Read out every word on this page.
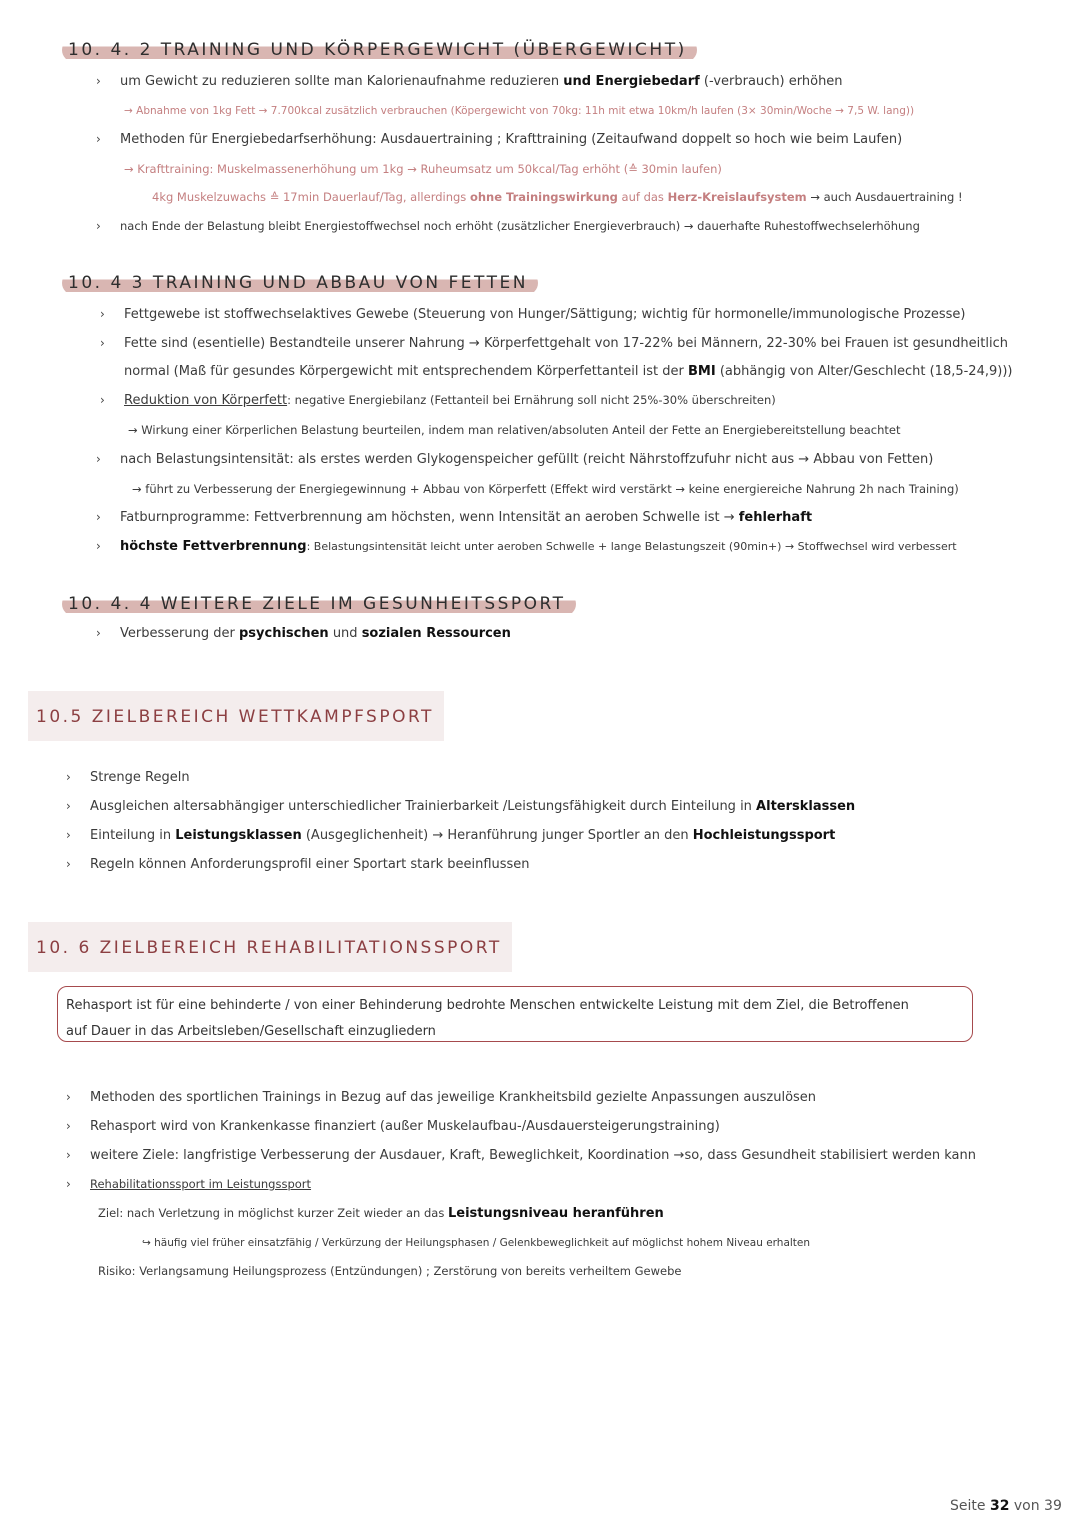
10. 4. 2 TRAINING UND KÖRPERGEWICHT (ÜBERGEWICHT)
› um Gewicht zu reduzieren sollte man Kalorienaufnahme reduzieren und Energiebedarf (-verbrauch) erhöhen
→ Abnahme von 1kg Fett → 7.700kcal zusätzlich verbrauchen (Köpergewicht von 70kg: 11h mit etwa 10km/h laufen (3× 30min/Woche → 7,5 W. lang))
› Methoden für Energiebedarfserhöhung: Ausdauertraining ; Krafttraining (Zeitaufwand doppelt so hoch wie beim Laufen)
→ Krafttraining: Muskelmassenerhöhung um 1kg → Ruheumsatz um 50kcal/Tag erhöht (≙ 30min laufen)
4kg Muskelzuwachs ≙ 17min Dauerlauf/Tag, allerdings ohne Trainingswirkung auf das Herz-Kreislaufsystem → auch Ausdauertraining !
› nach Ende der Belastung bleibt Energiestoffwechsel noch erhöht (zusätzlicher Energieverbrauch) → dauerhafte Ruhestoffwechselerhöhung
10. 4 3 TRAINING UND ABBAU VON FETTEN
› Fettgewebe ist stoffwechselaktives Gewebe (Steuerung von Hunger/Sättigung; wichtig für hormonelle/immunologische Prozesse)
› Fette sind (esentielle) Bestandteile unserer Nahrung → Körperfettgehalt von 17-22% bei Männern, 22-30% bei Frauen ist gesundheitlich
normal (Maß für gesundes Körpergewicht mit entsprechendem Körperfettanteil ist der BMI (abhängig von Alter/Geschlecht (18,5-24,9)))
› Reduktion von Körperfett: negative Energiebilanz (Fettanteil bei Ernährung soll nicht 25%-30% überschreiten)
→ Wirkung einer Körperlichen Belastung beurteilen, indem man relativen/absoluten Anteil der Fette an Energiebereitstellung beachtet
› nach Belastungsintensität: als erstes werden Glykogenspeicher gefüllt (reicht Nährstoffzufuhr nicht aus → Abbau von Fetten)
→ führt zu Verbesserung der Energiegewinnung + Abbau von Körperfett (Effekt wird verstärkt → keine energiereiche Nahrung 2h nach Training)
› Fatburnprogramme: Fettverbrennung am höchsten, wenn Intensität an aeroben Schwelle ist → fehlerhaft
› höchste Fettverbrennung: Belastungsintensität leicht unter aeroben Schwelle + lange Belastungszeit (90min+) → Stoffwechsel wird verbessert
10. 4. 4 WEITERE ZIELE IM GESUNHEITSSPORT
› Verbesserung der psychischen und sozialen Ressourcen
10.5 ZIELBEREICH WETTKAMPFSPORT
› Strenge Regeln
› Ausgleichen altersabhängiger unterschiedlicher Trainierbarkeit /Leistungsfähigkeit durch Einteilung in Altersklassen
› Einteilung in Leistungsklassen (Ausgeglichenheit) → Heranführung junger Sportler an den Hochleistungssport
› Regeln können Anforderungsprofil einer Sportart stark beeinflussen
10. 6 ZIELBEREICH REHABILITATIONSSPORT
Rehasport ist für eine behinderte / von einer Behinderung bedrohte Menschen entwickelte Leistung mit dem Ziel, die Betroffenen
auf Dauer in das Arbeitsleben/Gesellschaft einzugliedern
› Methoden des sportlichen Trainings in Bezug auf das jeweilige Krankheitsbild gezielte Anpassungen auszulösen
› Rehasport wird von Krankenkasse finanziert (außer Muskelaufbau-/Ausdauersteigerungstraining)
› weitere Ziele: langfristige Verbesserung der Ausdauer, Kraft, Beweglichkeit, Koordination →so, dass Gesundheit stabilisiert werden kann
› Rehabilitationssport im Leistungssport
Ziel: nach Verletzung in möglichst kurzer Zeit wieder an das Leistungsniveau heranführen
↪ häufig viel früher einsatzfähig / Verkürzung der Heilungsphasen / Gelenkbeweglichkeit auf möglichst hohem Niveau erhalten
Risiko: Verlangsamung Heilungsprozess (Entzündungen) ; Zerstörung von bereits verheiltem Gewebe
Seite 32 von 39
